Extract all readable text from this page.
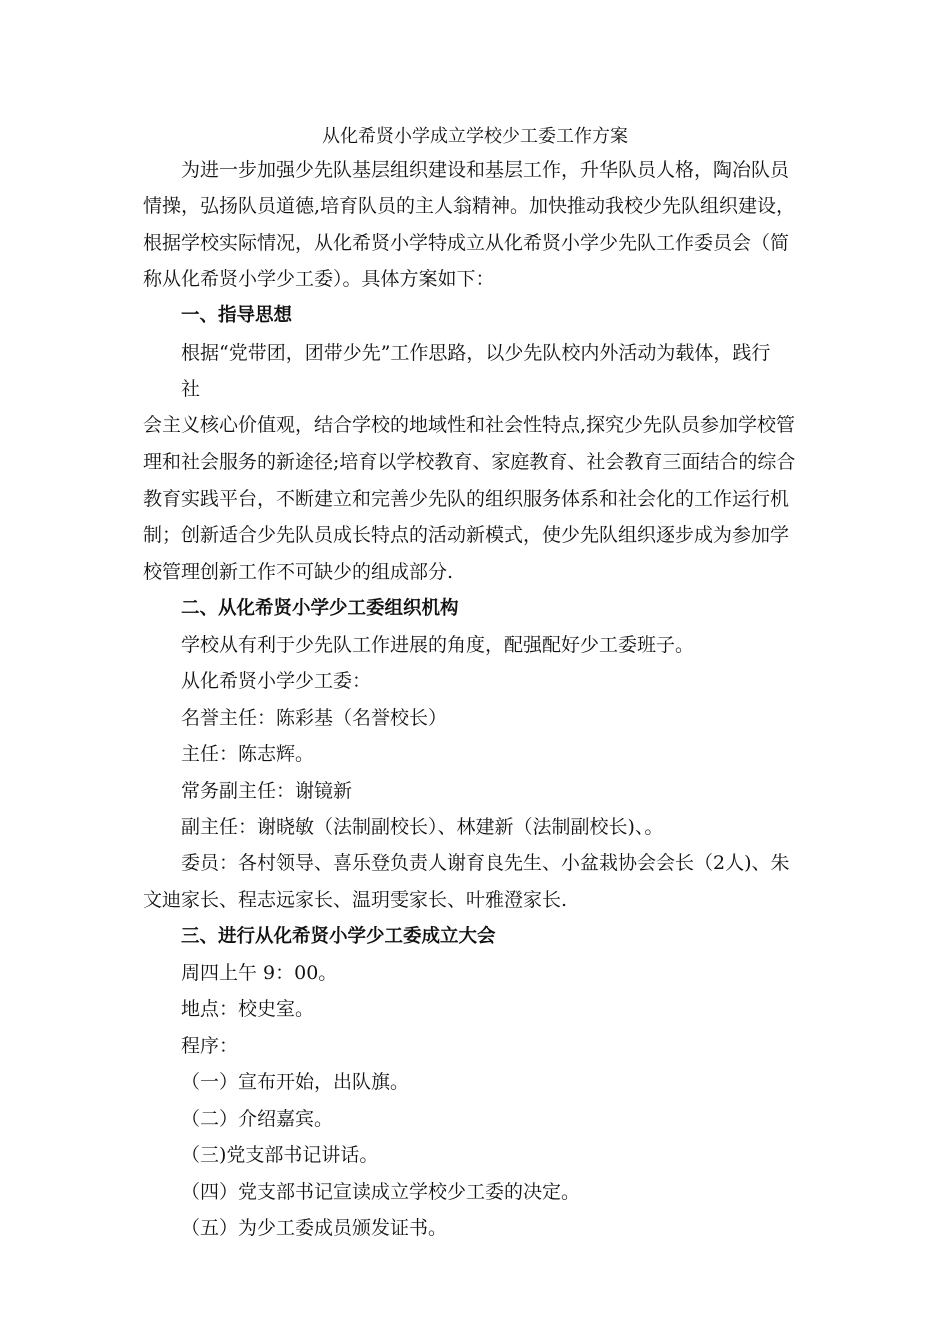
从化希贤小学成立学校少工委工作方案
为进一步加强少先队基层组织建设和基层工作，升华队员人格，陶冶队员
情操，弘扬队员道德,培育队员的主人翁精神。加快推动我校少先队组织建设，
根据学校实际情况，从化希贤小学特成立从化希贤小学少先队工作委员会（简
称从化希贤小学少工委）。具体方案如下：
一、指导思想
根据“党带团，团带少先”工作思路，以少先队校内外活动为载体，践行
社
会主义核心价值观，结合学校的地域性和社会性特点,探究少先队员参加学校管
理和社会服务的新途径;培育以学校教育、家庭教育、社会教育三面结合的综合
教育实践平台，不断建立和完善少先队的组织服务体系和社会化的工作运行机
制；创新适合少先队员成长特点的活动新模式，使少先队组织逐步成为参加学
校管理创新工作不可缺少的组成部分.
二、从化希贤小学少工委组织机构
学校从有利于少先队工作进展的角度，配强配好少工委班子。
从化希贤小学少工委：
名誉主任：陈彩基（名誉校长）
主任：陈志辉。
常务副主任：谢镜新
副主任：谢晓敏（法制副校长）、林建新（法制副校长)、。
委员：各村领导、喜乐登负责人谢育良先生、小盆栽协会会长（2人)、朱
文迪家长、程志远家长、温玥雯家长、叶雅澄家长.
三、进行从化希贤小学少工委成立大会
周四上午 9：00。
地点：校史室。
程序：
（一）宣布开始，出队旗。
（二）介绍嘉宾。
（三)党支部书记讲话。
（四）党支部书记宣读成立学校少工委的决定。
（五）为少工委成员颁发证书。
